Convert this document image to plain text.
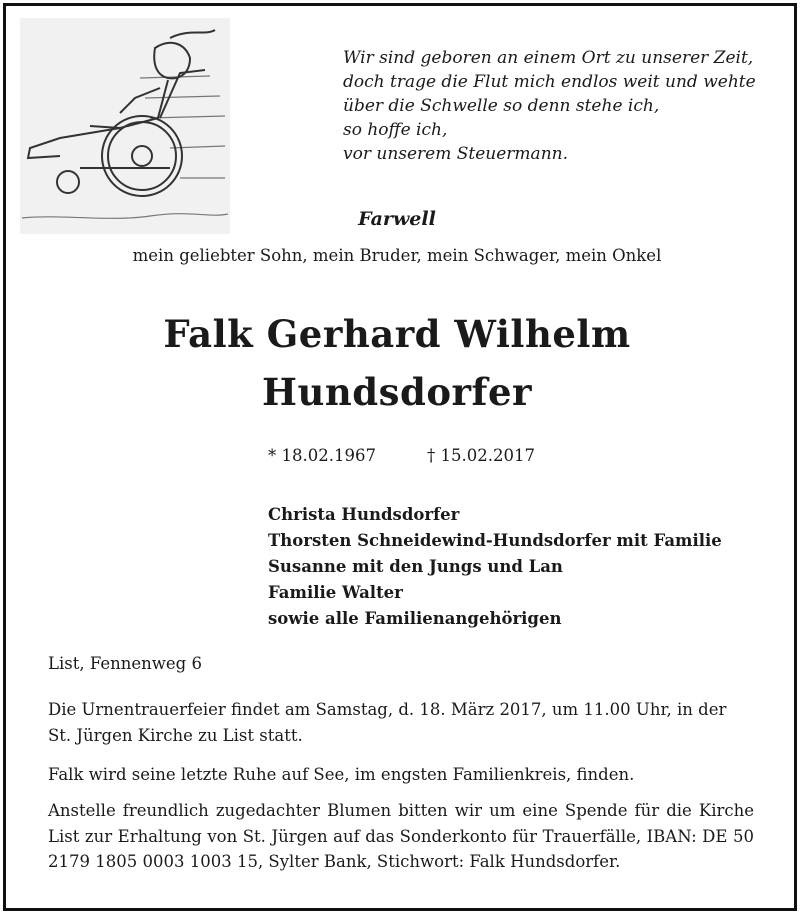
Wir sind geboren an einem Ort zu unserer Zeit,
doch trage die Flut mich endlos weit und wehte
über die Schwelle so denn stehe ich,
so hoffe ich,
vor unserem Steuermann.
Farwell
mein geliebter Sohn, mein Bruder, mein Schwager, mein Onkel
Falk Gerhard Wilhelm
Hundsdorfer
* 18.02.1967	† 15.02.2017
Christa Hundsdorfer
Thorsten Schneidewind-Hundsdorfer mit Familie
Susanne mit den Jungs und Lan
Familie Walter
sowie alle Familienangehörigen
List, Fennenweg 6
Die Urnentrauerfeier findet am Samstag, d. 18. März 2017, um 11.00 Uhr, in der St. Jürgen Kirche zu List statt.
Falk wird seine letzte Ruhe auf See, im engsten Familienkreis, finden.
Anstelle freundlich zugedachter Blumen bitten wir um eine Spende für die Kirche List zur Erhaltung von St. Jürgen auf das Sonderkonto für Trauerfälle, IBAN: DE 50 2179 1805 0003 1003 15, Sylter Bank, Stichwort: Falk Hundsdorfer.
